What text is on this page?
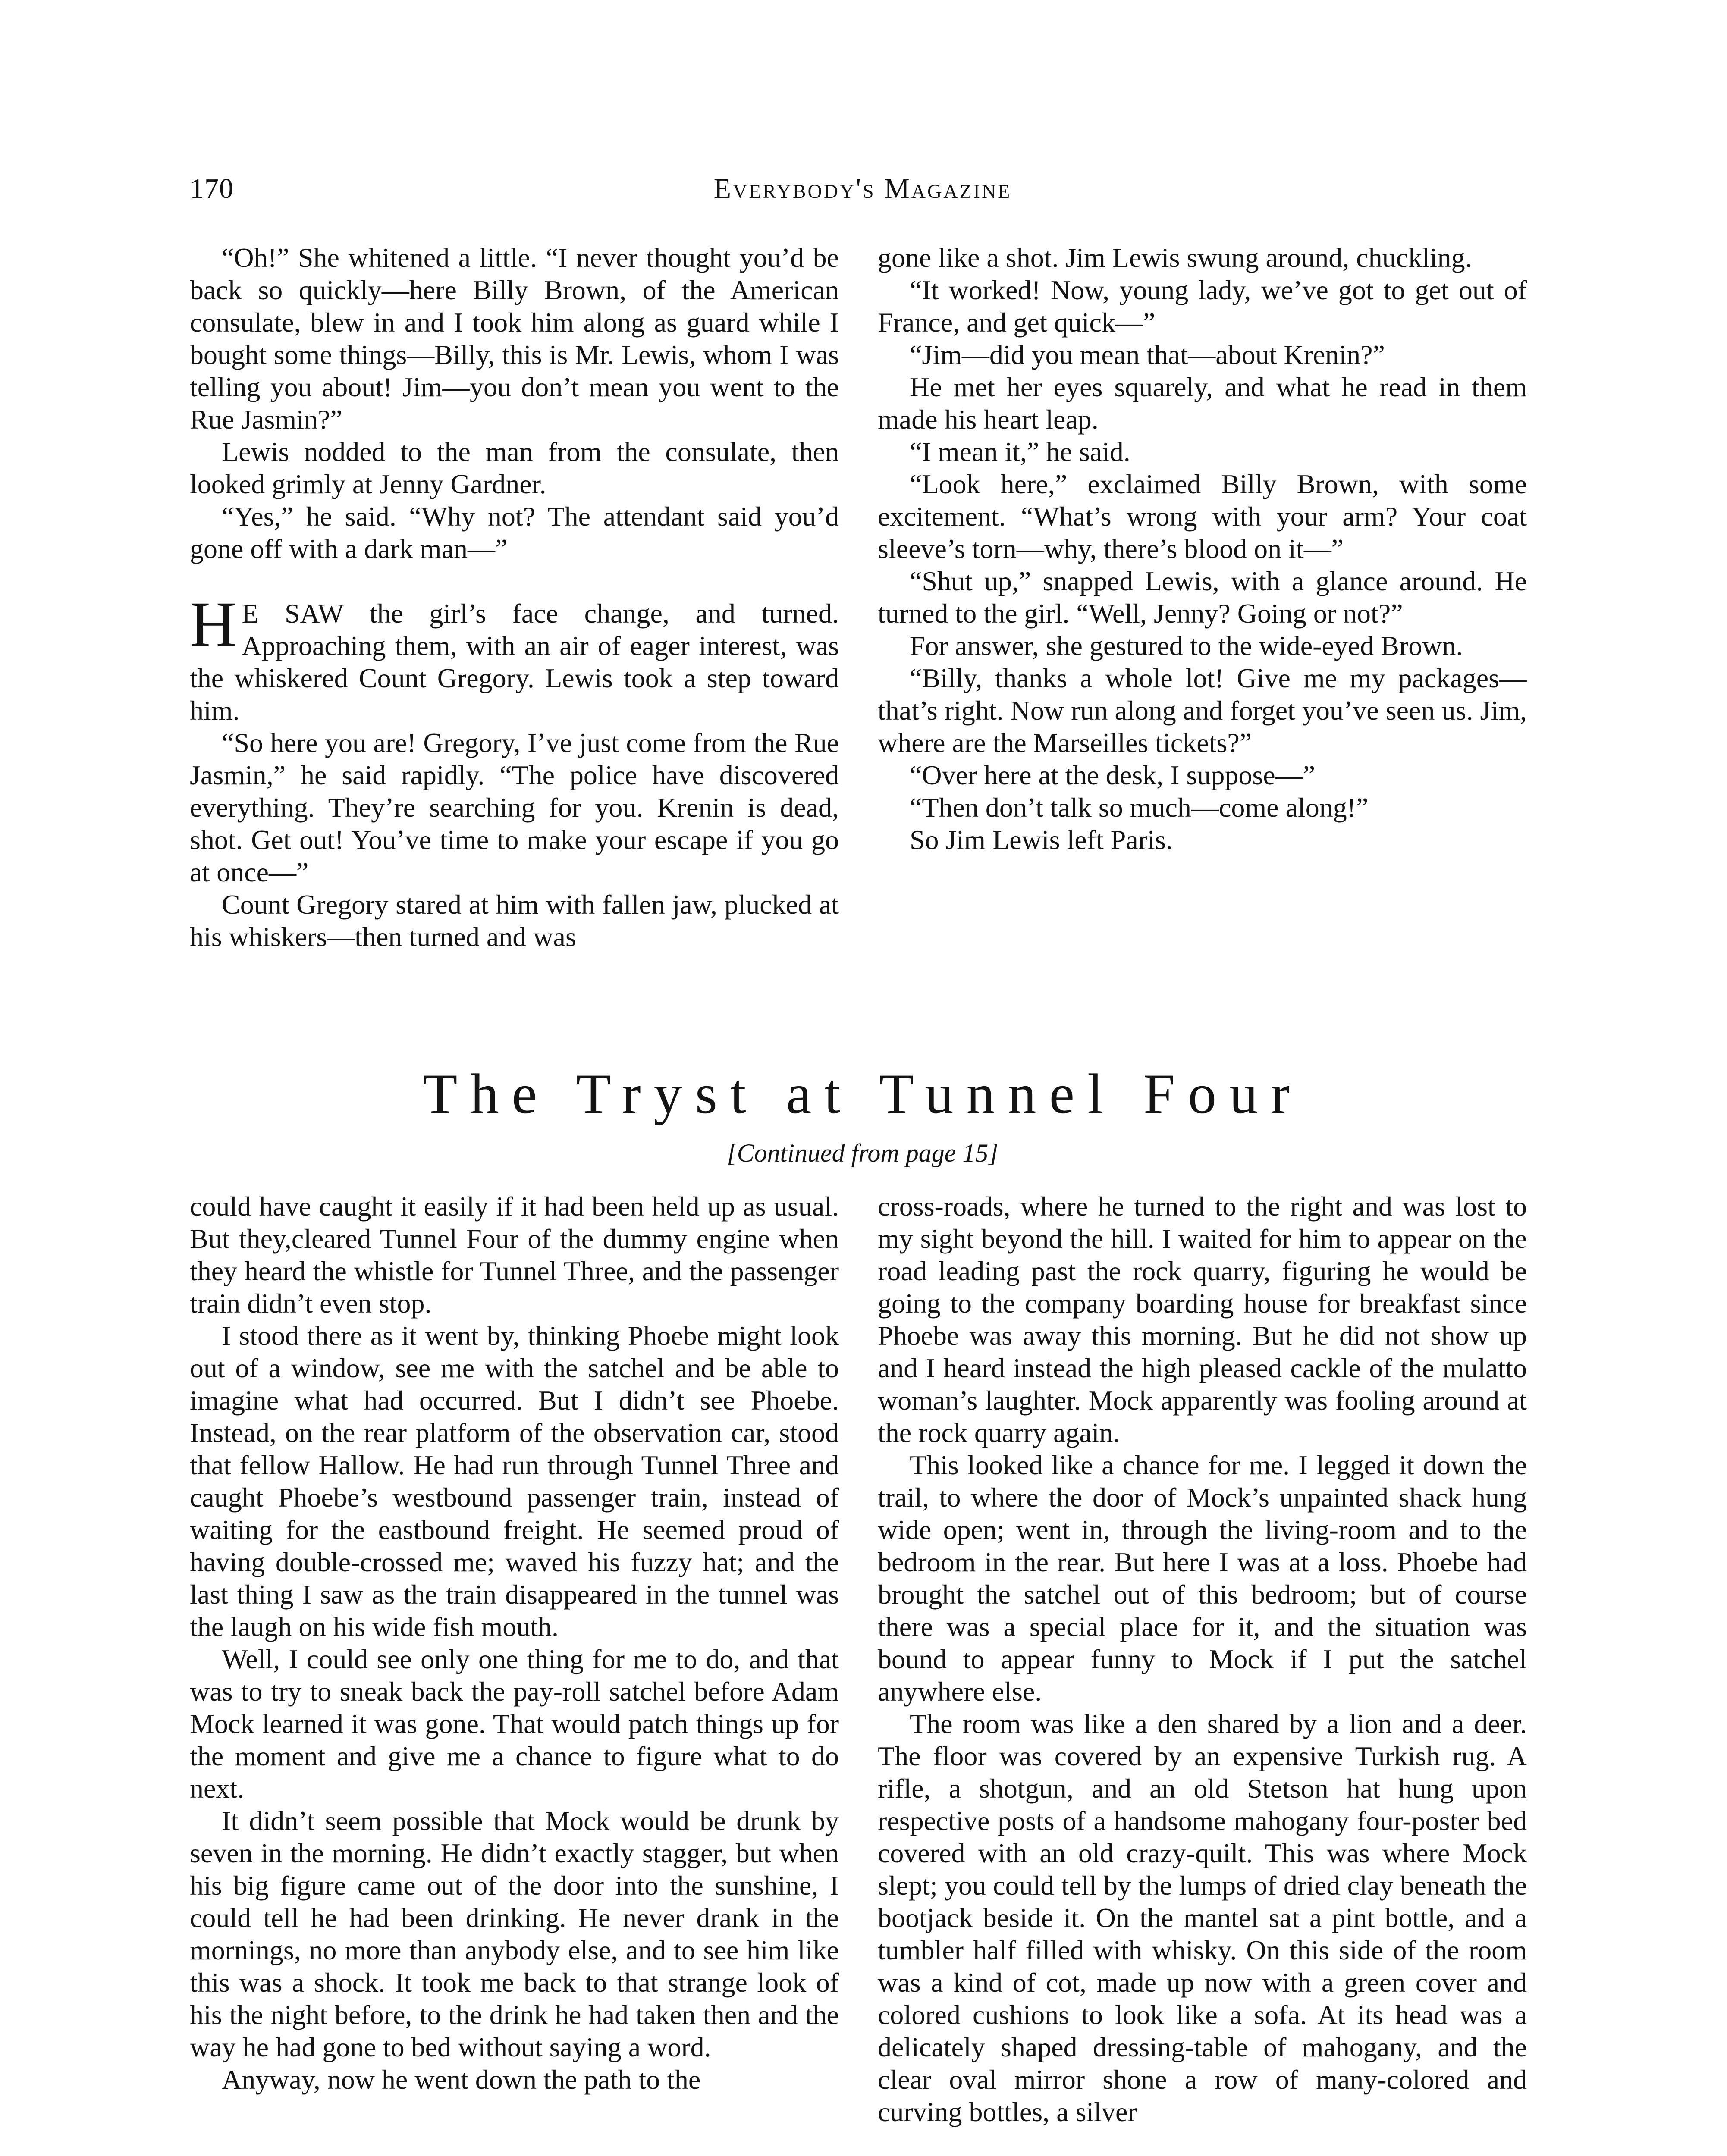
170	Everybody's Magazine

“Oh!” She whitened a little. “I never thought you’d be back so quickly—here Billy Brown, of the American consulate, blew in and I took him along as guard while I bought some things—Billy, this is Mr. Lewis, whom I was telling you about! Jim—you don’t mean you went to the Rue Jasmin?”

Lewis nodded to the man from the consulate, then looked grimly at Jenny Gardner.

“Yes,” he said. “Why not? The attendant said you’d gone off with a dark man—”

H E SAW the girl’s face change, and turned. Approaching them, with an air of eager interest, was the whiskered Count Gregory. Lewis took a step toward him.

“So here you are! Gregory, I’ve just come from the Rue Jasmin,” he said rapidly. “The police have discovered everything. They’re searching for you. Krenin is dead, shot. Get out! You’ve time to make your escape if you go at once—”

Count Gregory stared at him with fallen jaw, plucked at his whiskers—then turned and was

gone like a shot. Jim Lewis swung around, chuckling.

“It worked! Now, young lady, we’ve got to get out of France, and get quick—”

“Jim—did you mean that—about Krenin?”

He met her eyes squarely, and what he read in them made his heart leap.

“I mean it,” he said.

“Look here,” exclaimed Billy Brown, with some excitement. “What’s wrong with your arm? Your coat sleeve’s torn—why, there’s blood on it—”

“Shut up,” snapped Lewis, with a glance around. He turned to the girl. “Well, Jenny? Going or not?”

For answer, she gestured to the wide-eyed Brown.

“Billy, thanks a whole lot! Give me my packages—that’s right. Now run along and forget you’ve seen us. Jim, where are the Marseilles tickets?”

“Over here at the desk, I suppose—”

“Then don’t talk so much—come along!”

So Jim Lewis left Paris.

The Tryst at Tunnel Four
[Continued from page 15]

could have caught it easily if it had been held up as usual. But they,cleared Tunnel Four of the dummy engine when they heard the whistle for Tunnel Three, and the passenger train didn’t even stop.

I stood there as it went by, thinking Phoebe might look out of a window, see me with the satchel and be able to imagine what had occurred. But I didn’t see Phoebe. Instead, on the rear platform of the observation car, stood that fellow Hallow. He had run through Tunnel Three and caught Phoebe’s westbound passenger train, instead of waiting for the eastbound freight. He seemed proud of having double-crossed me; waved his fuzzy hat; and the last thing I saw as the train disappeared in the tunnel was the laugh on his wide fish mouth.

Well, I could see only one thing for me to do, and that was to try to sneak back the pay-roll satchel before Adam Mock learned it was gone. That would patch things up for the moment and give me a chance to figure what to do next.

It didn’t seem possible that Mock would be drunk by seven in the morning. He didn’t exactly stagger, but when his big figure came out of the door into the sunshine, I could tell he had been drinking. He never drank in the mornings, no more than anybody else, and to see him like this was a shock. It took me back to that strange look of his the night before, to the drink he had taken then and the way he had gone to bed without saying a word.

Anyway, now he went down the path to the

cross-roads, where he turned to the right and was lost to my sight beyond the hill. I waited for him to appear on the road leading past the rock quarry, figuring he would be going to the company boarding house for breakfast since Phoebe was away this morning. But he did not show up and I heard instead the high pleased cackle of the mulatto woman’s laughter. Mock apparently was fooling around at the rock quarry again.

This looked like a chance for me. I legged it down the trail, to where the door of Mock’s unpainted shack hung wide open; went in, through the living-room and to the bedroom in the rear. But here I was at a loss. Phoebe had brought the satchel out of this bedroom; but of course there was a special place for it, and the situation was bound to appear funny to Mock if I put the satchel anywhere else.

The room was like a den shared by a lion and a deer. The floor was covered by an expensive Turkish rug. A rifle, a shotgun, and an old Stetson hat hung upon respective posts of a handsome mahogany four-poster bed covered with an old crazy-quilt. This was where Mock slept; you could tell by the lumps of dried clay beneath the bootjack beside it. On the mantel sat a pint bottle, and a tumbler half filled with whisky. On this side of the room was a kind of cot, made up now with a green cover and colored cushions to look like a sofa. At its head was a delicately shaped dressing-table of mahogany, and the clear oval mirror shone a row of many-colored and curving bottles, a silver
